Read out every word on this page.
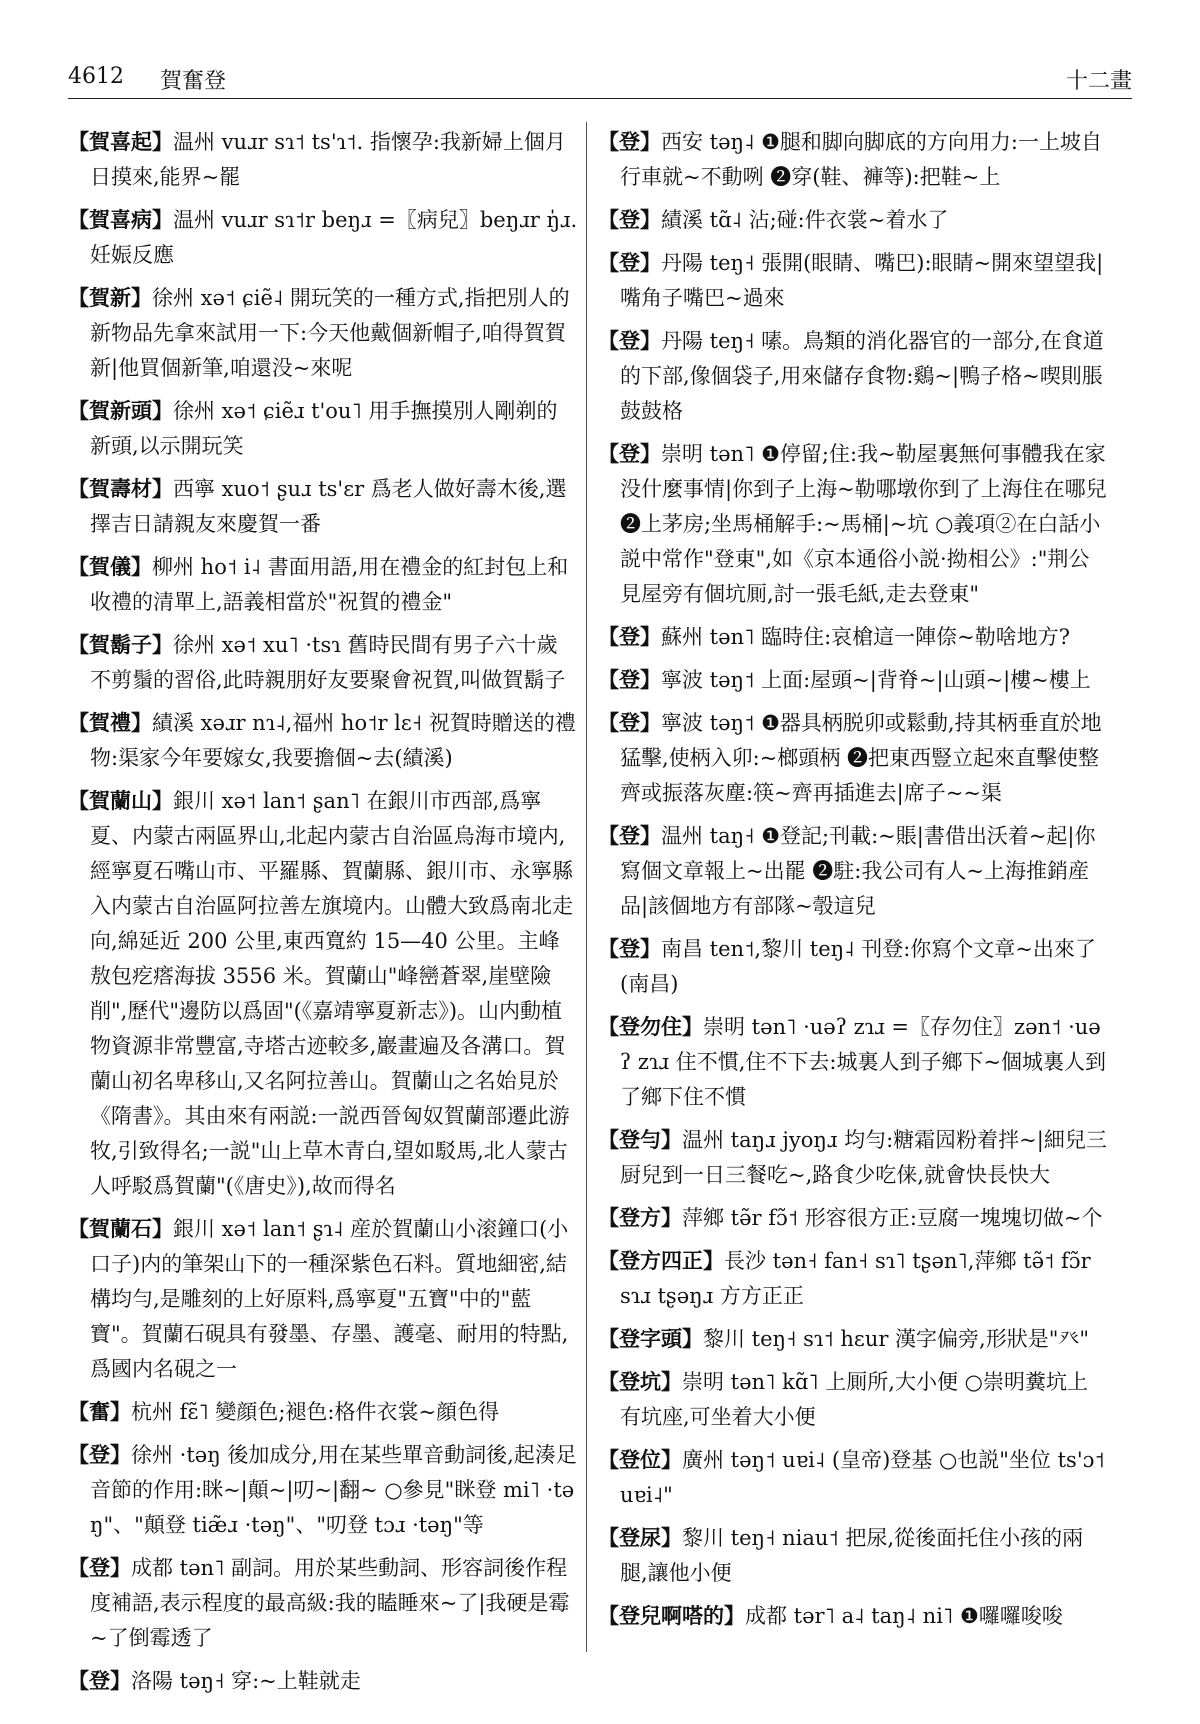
4612 賀奮登	十二畫

【賀喜起】温州 vuɹr sɿ˦ ts'ɿ˦. 指懷孕:我新婦上個月日摸來,能界~罷

【賀喜病】温州 vuɹr sɿ˦r beŋɹ =〖病兒〗beŋɹr ŋ̍ɹ. 妊娠反應

【賀新】徐州 xə˦ ɕiẽ˨ 開玩笑的一種方式,指把別人的新物品先拿來試用一下:今天他戴個新帽子,咱得賀賀新|他買個新筆,咱還没~來呢

【賀新頭】徐州 xə˦ ɕiẽɹ t'ou˥ 用手撫摸別人剛剃的新頭,以示開玩笑

【賀壽材】西寧 xuo˦ ʂuɹ ts'ɛr 爲老人做好壽木後,選擇吉日請親友來慶賀一番

【賀儀】柳州 ho˦ i˨ 書面用語,用在禮金的紅封包上和收禮的清單上,語義相當於"祝賀的禮金"

【賀鬍子】徐州 xə˦ xu˥ ·tsɿ 舊時民間有男子六十歲不剪鬚的習俗,此時親朋好友要聚會祝賀,叫做賀鬍子

【賀禮】績溪 xəɹr nɿ˨,福州 ho˦r lɛ˧ 祝賀時贈送的禮物:渠家今年要嫁女,我要擔個~去(績溪)

【賀蘭山】銀川 xə˦ lan˦ ʂan˥ 在銀川市西部,爲寧夏、内蒙古兩區界山,北起内蒙古自治區烏海市境内,經寧夏石嘴山市、平羅縣、賀蘭縣、銀川市、永寧縣入内蒙古自治區阿拉善左旗境内。山體大致爲南北走向,綿延近 200 公里,東西寬約 15—40 公里。主峰敖包疙瘩海拔 3556 米。賀蘭山"峰巒蒼翠,崖壁險削",歷代"邊防以爲固"(《嘉靖寧夏新志》)。山内動植物資源非常豐富,寺塔古迹較多,巖畫遍及各溝口。賀蘭山初名卑移山,又名阿拉善山。賀蘭山之名始見於《隋書》。其由來有兩説:一説西晉匈奴賀蘭部遷此游牧,引致得名;一説"山上草木青白,望如駁馬,北人蒙古人呼駁爲賀蘭"(《唐史》),故而得名

【賀蘭石】銀川 xə˦ lan˦ ʂɿ˨ 産於賀蘭山小滚鐘口(小口子)内的筆架山下的一種深紫色石料。質地細密,結構均勻,是雕刻的上好原料,爲寧夏"五寶"中的"藍寶"。賀蘭石硯具有發墨、存墨、護毫、耐用的特點,爲國内名硯之一

【奮】杭州 fɛ̃˥ 變顔色;褪色:格件衣裳~顔色得

【登】徐州 ·təŋ 後加成分,用在某些單音動詞後,起湊足音節的作用:眯~|顛~|叨~|翻~ ○參見"眯登 mi˥ ·təŋ"、"顛登 tiæ̃ɹ ·təŋ"、"叨登 tɔɹ ·təŋ"等

【登】成都 tən˥ 副詞。用於某些動詞、形容詞後作程度補語,表示程度的最高級:我的瞌睡來~了|我硬是霉~了倒霉透了

【登】洛陽 təŋ˧ 穿:~上鞋就走

【登】西安 təŋ˨ ❶腿和脚向脚底的方向用力:一上坡自行車就~不動咧 ❷穿(鞋、褲等):把鞋~上

【登】績溪 tɑ̃˨ 沾;碰:件衣裳~着水了

【登】丹陽 teŋ˧ 張開(眼睛、嘴巴):眼睛~開來望望我|嘴角子嘴巴~過來

【登】丹陽 teŋ˧ 嗉。鳥類的消化器官的一部分,在食道的下部,像個袋子,用來儲存食物:鷄~|鴨子格~喫則脹鼓鼓格

【登】崇明 tən˥ ❶停留;住:我~勒屋裏無何事體我在家没什麼事情|你到子上海~勒哪墩你到了上海住在哪兒 ❷上茅房;坐馬桶解手:~馬桶|~坑 ○義項②在白話小説中常作"登東",如《京本通俗小説·拗相公》:"荆公見屋旁有個坑厠,討一張毛紙,走去登東"

【登】蘇州 tən˥ 臨時住:哀槍這一陣倷~勒啥地方?

【登】寧波 təŋ˦ 上面:屋頭~|背脊~|山頭~|樓~樓上

【登】寧波 təŋ˦ ❶器具柄脱卯或鬆動,持其柄垂直於地猛擊,使柄入卯:~榔頭柄 ❷把東西豎立起來直擊使整齊或振落灰塵:筷~齊再插進去|席子~~渠

【登】温州 taŋ˧ ❶登記;刊載:~賬|書借出沃着~起|你寫個文章報上~出罷 ❷駐:我公司有人~上海推銷産品|該個地方有部隊~彀這兒

【登】南昌 ten˦,黎川 teŋ˨ 刊登:你寫个文章~出來了(南昌)

【登勿住】崇明 tən˥ ·uəʔ zɿɹ =〖存勿住〗zən˦ ·uəʔ zɿɹ 住不慣,住不下去:城裏人到子鄉下~個城裏人到了鄉下住不慣

【登勻】温州 taŋɹ jyoŋɹ 均勻:糖霜囥粉着拌~|細兒三厨兒到一日三餐吃~,路食少吃俫,就會快長快大

【登方】萍鄉 tə̃r fɔ̃˦ 形容很方正:豆腐一塊塊切做~个

【登方四正】長沙 tən˧ fan˧ sɿ˥ tʂən˥,萍鄉 tə̃˦ fɔ̃r sɿɹ tʂəŋɹ 方方正正

【登字頭】黎川 teŋ˧ sɿ˦ hɛur 漢字偏旁,形狀是"癶"

【登坑】崇明 tən˥ kɑ̃˥ 上厠所,大小便 ○崇明糞坑上有坑座,可坐着大小便

【登位】廣州 təŋ˦ uɐi˨ (皇帝)登基 ○也説"坐位 ts'ɔ˦ uɐi˨"

【登尿】黎川 teŋ˧ niau˦ 把尿,從後面托住小孩的兩腿,讓他小便

【登兒啊嗒的】成都 tər˥ a˨ taŋ˨ ni˥ ❶囉囉唆唆
